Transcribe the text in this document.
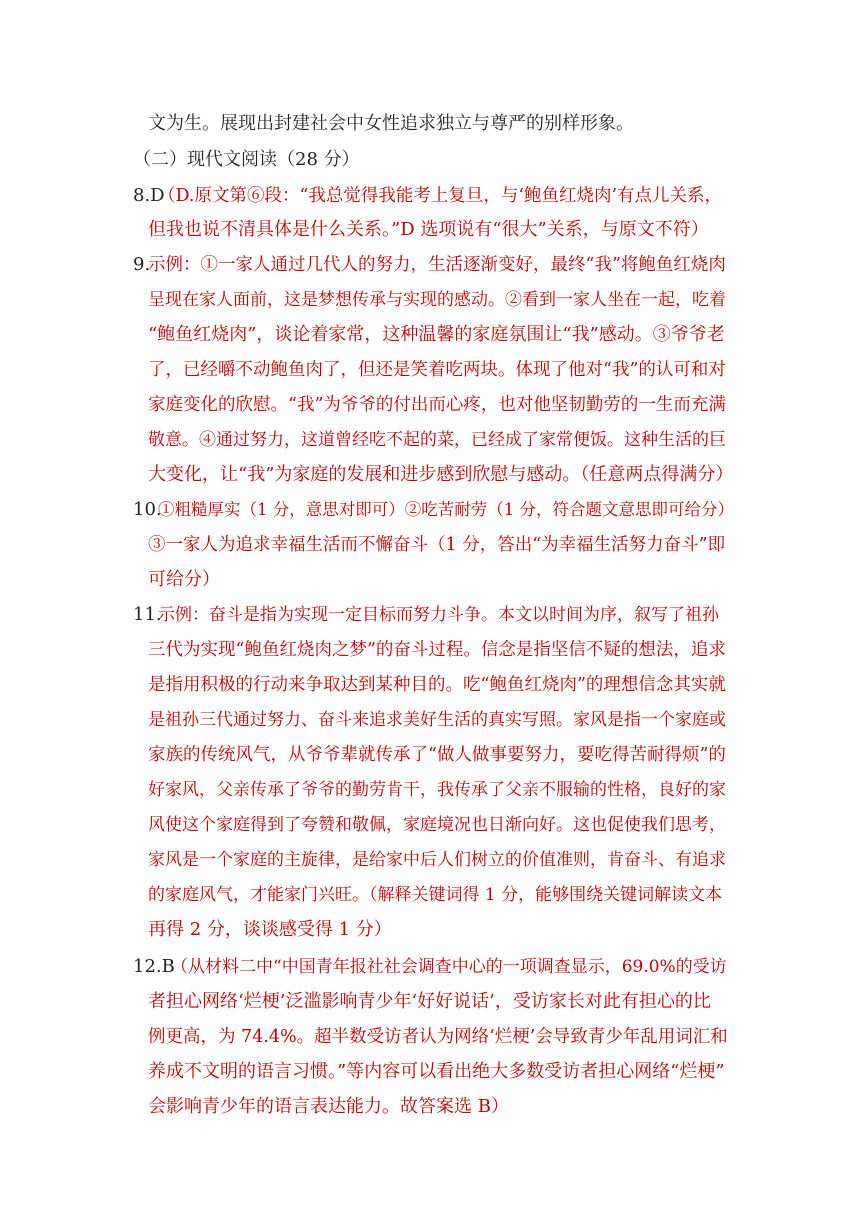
文为生。展现出封建社会中女性追求独立与尊严的别样形象。
（二）现代文阅读（28 分）
8.D
（D.原文第⑥段：“我总觉得我能考上复旦，与‘鲍鱼红烧肉’有点儿关系，
但我也说不清具体是什么关系。”D 选项说有“很大”关系，与原文不符）
9.
示例：①一家人通过几代人的努力，生活逐渐变好，最终“我”将鲍鱼红烧肉
呈现在家人面前，这是梦想传承与实现的感动。②看到一家人坐在一起，吃着
“鲍鱼红烧肉”，谈论着家常，这种温馨的家庭氛围让“我”感动。③爷爷老
了，已经嚼不动鲍鱼肉了，但还是笑着吃两块。体现了他对“我”的认可和对
家庭变化的欣慰。“我”为爷爷的付出而心疼，也对他坚韧勤劳的一生而充满
敬意。④通过努力，这道曾经吃不起的菜，已经成了家常便饭。这种生活的巨
大变化，让“我”为家庭的发展和进步感到欣慰与感动。（任意两点得满分）
10.
①粗糙厚实（1 分，意思对即可）②吃苦耐劳（1 分，符合题文意思即可给分）
③一家人为追求幸福生活而不懈奋斗（1 分，答出“为幸福生活努力奋斗”即
可给分）
11.
示例：奋斗是指为实现一定目标而努力斗争。本文以时间为序，叙写了祖孙
三代为实现“鲍鱼红烧肉之梦”的奋斗过程。信念是指坚信不疑的想法，追求
是指用积极的行动来争取达到某种目的。吃“鲍鱼红烧肉”的理想信念其实就
是祖孙三代通过努力、奋斗来追求美好生活的真实写照。家风是指一个家庭或
家族的传统风气，从爷爷辈就传承了“做人做事要努力，要吃得苦耐得烦”的
好家风，父亲传承了爷爷的勤劳肯干，我传承了父亲不服输的性格，良好的家
风使这个家庭得到了夸赞和敬佩，家庭境况也日渐向好。这也促使我们思考，
家风是一个家庭的主旋律，是给家中后人们树立的价值准则，肯奋斗、有追求
的家庭风气，才能家门兴旺。（解释关键词得 1 分，能够围绕关键词解读文本
再得 2 分，谈谈感受得 1 分）
12.B
（从材料二中“中国青年报社社会调查中心的一项调查显示，69.0%的受访
者担心网络‘烂梗’泛滥影响青少年‘好好说话’，受访家长对此有担心的比
例更高，为 74.4%。超半数受访者认为网络‘烂梗’会导致青少年乱用词汇和
养成不文明的语言习惯。”等内容可以看出绝大多数受访者担心网络“烂梗”
会影响青少年的语言表达能力。故答案选 B）
